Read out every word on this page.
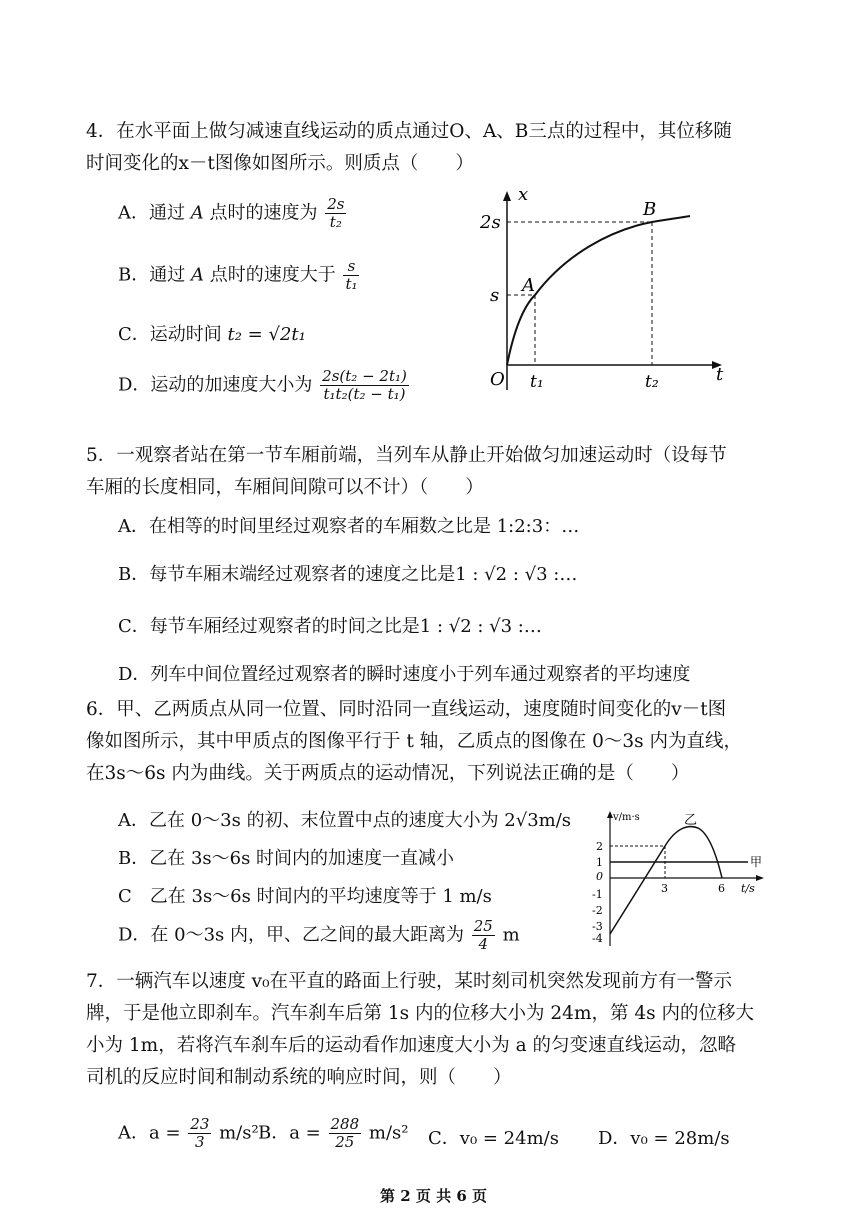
4．在水平面上做匀减速直线运动的质点通过O、A、B三点的过程中，其位移随
时间变化的x－t图像如图所示。则质点（　　）
A．通过 A 点时的速度为 $\frac{2s}{\text{t₂}}$
B．通过 A 点时的速度大于 $\frac{s}{\text{t₁}}$
C．运动时间 t₂ = √2t₁
D．运动的加速度大小为 $\frac{\text{2s(t₂ − 2t₁)}}{\text{t₁t₂(t₂ − t₁)}}$
x
t
O
2s
s
t₁	t₂
A
B
5．一观察者站在第一节车厢前端，当列车从静止开始做匀加速运动时（设每节
车厢的长度相同，车厢间间隙可以不计）（　　）
A．在相等的时间里经过观察者的车厢数之比是 1:2:3：…
B．每节车厢末端经过观察者的速度之比是1 : √2 : √3 :…
C．每节车厢经过观察者的时间之比是1 : √2 : √3 :…
D．列车中间位置经过观察者的瞬时速度小于列车通过观察者的平均速度
6．甲、乙两质点从同一位置、同时沿同一直线运动，速度随时间变化的v－t图
像如图所示，其中甲质点的图像平行于 t 轴，乙质点的图像在 0～3s 内为直线，
在3s～6s 内为曲线。关于两质点的运动情况，下列说法正确的是（　　）
A．乙在 0～3s 的初、末位置中点的速度大小为 2√3m/s
B．乙在 3s～6s 时间内的加速度一直减小
C　乙在 3s～6s 时间内的平均速度等于 1 m/s
D．在 0～3s 内，甲、乙之间的最大距离为 $\frac{25}{4}$ m
v/m·s
t/s
2
1
0
-1
-2
-3
-4
3	6
乙
甲
7．一辆汽车以速度 v₀在平直的路面上行驶，某时刻司机突然发现前方有一警示
牌，于是他立即刹车。汽车刹车后第 1s 内的位移大小为 24m，第 4s 内的位移大
小为 1m，若将汽车刹车后的运动看作加速度大小为 a 的匀变速直线运动，忽略
司机的反应时间和制动系统的响应时间，则（　　）
A．$a = \frac{23}{3} m/s^2$ B．$a = \frac{288}{25} m/s^2$ C．v₀ = 24m/s D．v₀ = 28m/s
第 2 页 共 6 页
